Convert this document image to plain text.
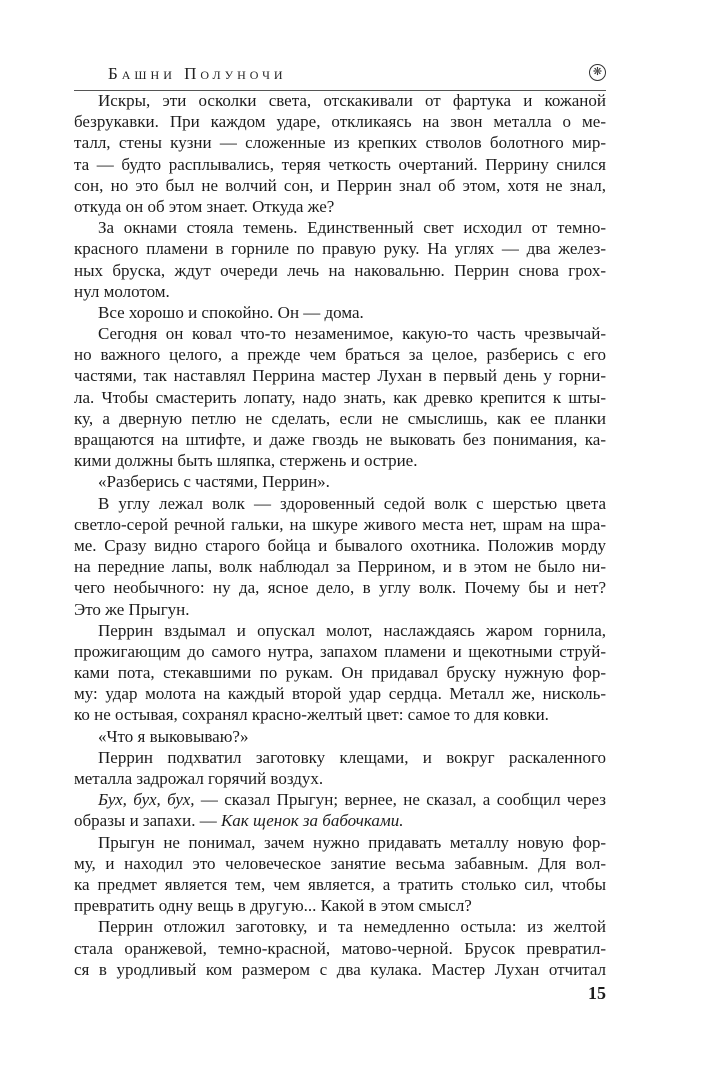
Башни Полуночи	❋
Искры, эти осколки света, отскакивали от фартука и кожаной
безрукавки. При каждом ударе, откликаясь на звон металла о ме-
талл, стены кузни — сложенные из крепких стволов болотного мир-
та — будто расплывались, теряя четкость очертаний. Перрину снился
сон, но это был не волчий сон, и Перрин знал об этом, хотя не знал,
откуда он об этом знает. Откуда же?
За окнами стояла темень. Единственный свет исходил от темно-
красного пламени в горниле по правую руку. На углях — два желез-
ных бруска, ждут очереди лечь на наковальню. Перрин снова грох-
нул молотом.
Все хорошо и спокойно. Он — дома.
Сегодня он ковал что-то незаменимое, какую-то часть чрезвычай-
но важного целого, а прежде чем браться за целое, разберись с его
частями, так наставлял Перрина мастер Лухан в первый день у горни-
ла. Чтобы смастерить лопату, надо знать, как древко крепится к шты-
ку, а дверную петлю не сделать, если не смыслишь, как ее планки
вращаются на штифте, и даже гвоздь не выковать без понимания, ка-
кими должны быть шляпка, стержень и острие.
«Разберись с частями, Перрин».
В углу лежал волк — здоровенный седой волк с шерстью цвета
светло-серой речной гальки, на шкуре живого места нет, шрам на шра-
ме. Сразу видно старого бойца и бывалого охотника. Положив морду
на передние лапы, волк наблюдал за Перрином, и в этом не было ни-
чего необычного: ну да, ясное дело, в углу волк. Почему бы и нет?
Это же Прыгун.
Перрин вздымал и опускал молот, наслаждаясь жаром горнила,
прожигающим до самого нутра, запахом пламени и щекотными струй-
ками пота, стекавшими по рукам. Он придавал бруску нужную фор-
му: удар молота на каждый второй удар сердца. Металл же, нисколь-
ко не остывая, сохранял красно-желтый цвет: самое то для ковки.
«Что я выковываю?»
Перрин подхватил заготовку клещами, и вокруг раскаленного
металла задрожал горячий воздух.
Бух, бух, бух, — сказал Прыгун; вернее, не сказал, а сообщил через
образы и запахи. — Как щенок за бабочками.
Прыгун не понимал, зачем нужно придавать металлу новую фор-
му, и находил это человеческое занятие весьма забавным. Для вол-
ка предмет является тем, чем является, а тратить столько сил, чтобы
превратить одну вещь в другую... Какой в этом смысл?
Перрин отложил заготовку, и та немедленно остыла: из желтой
стала оранжевой, темно-красной, матово-черной. Брусок превратил-
ся в уродливый ком размером с два кулака. Мастер Лухан отчитал
15
